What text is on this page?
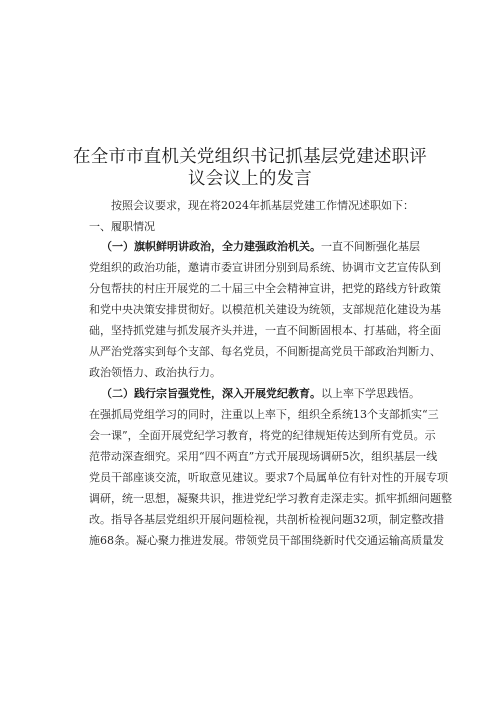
在全市市直机关党组织书记抓基层党建述职评
议会议上的发言
按照会议要求，现在将2024年抓基层党建工作情况述职如下：
一、履职情况
（一）旗帜鲜明讲政治，全力建强政治机关。一直不间断强化基层
党组织的政治功能，邀请市委宣讲团分别到局系统、协调市文艺宣传队到
分包帮扶的村庄开展党的二十届三中全会精神宣讲，把党的路线方针政策
和党中央决策安排贯彻好。以模范机关建设为统领，支部规范化建设为基
础，坚持抓党建与抓发展齐头并进，一直不间断固根本、打基础，将全面
从严治党落实到每个支部、每名党员，不间断提高党员干部政治判断力、
政治领悟力、政治执行力。
（二）践行宗旨强党性，深入开展党纪教育。以上率下学思践悟。
在强抓局党组学习的同时，注重以上率下，组织全系统13个支部抓实“三
会一课”，全面开展党纪学习教育，将党的纪律规矩传达到所有党员。示
范带动深查细究。采用“四不两直”方式开展现场调研5次，组织基层一线
党员干部座谈交流，听取意见建议。要求7个局属单位有针对性的开展专项
调研，统一思想，凝聚共识，推进党纪学习教育走深走实。抓牢抓细问题整
改。指导各基层党组织开展问题检视，共剖析检视问题32项，制定整改措
施68条。凝心聚力推进发展。带领党员干部围绕新时代交通运输高质量发
